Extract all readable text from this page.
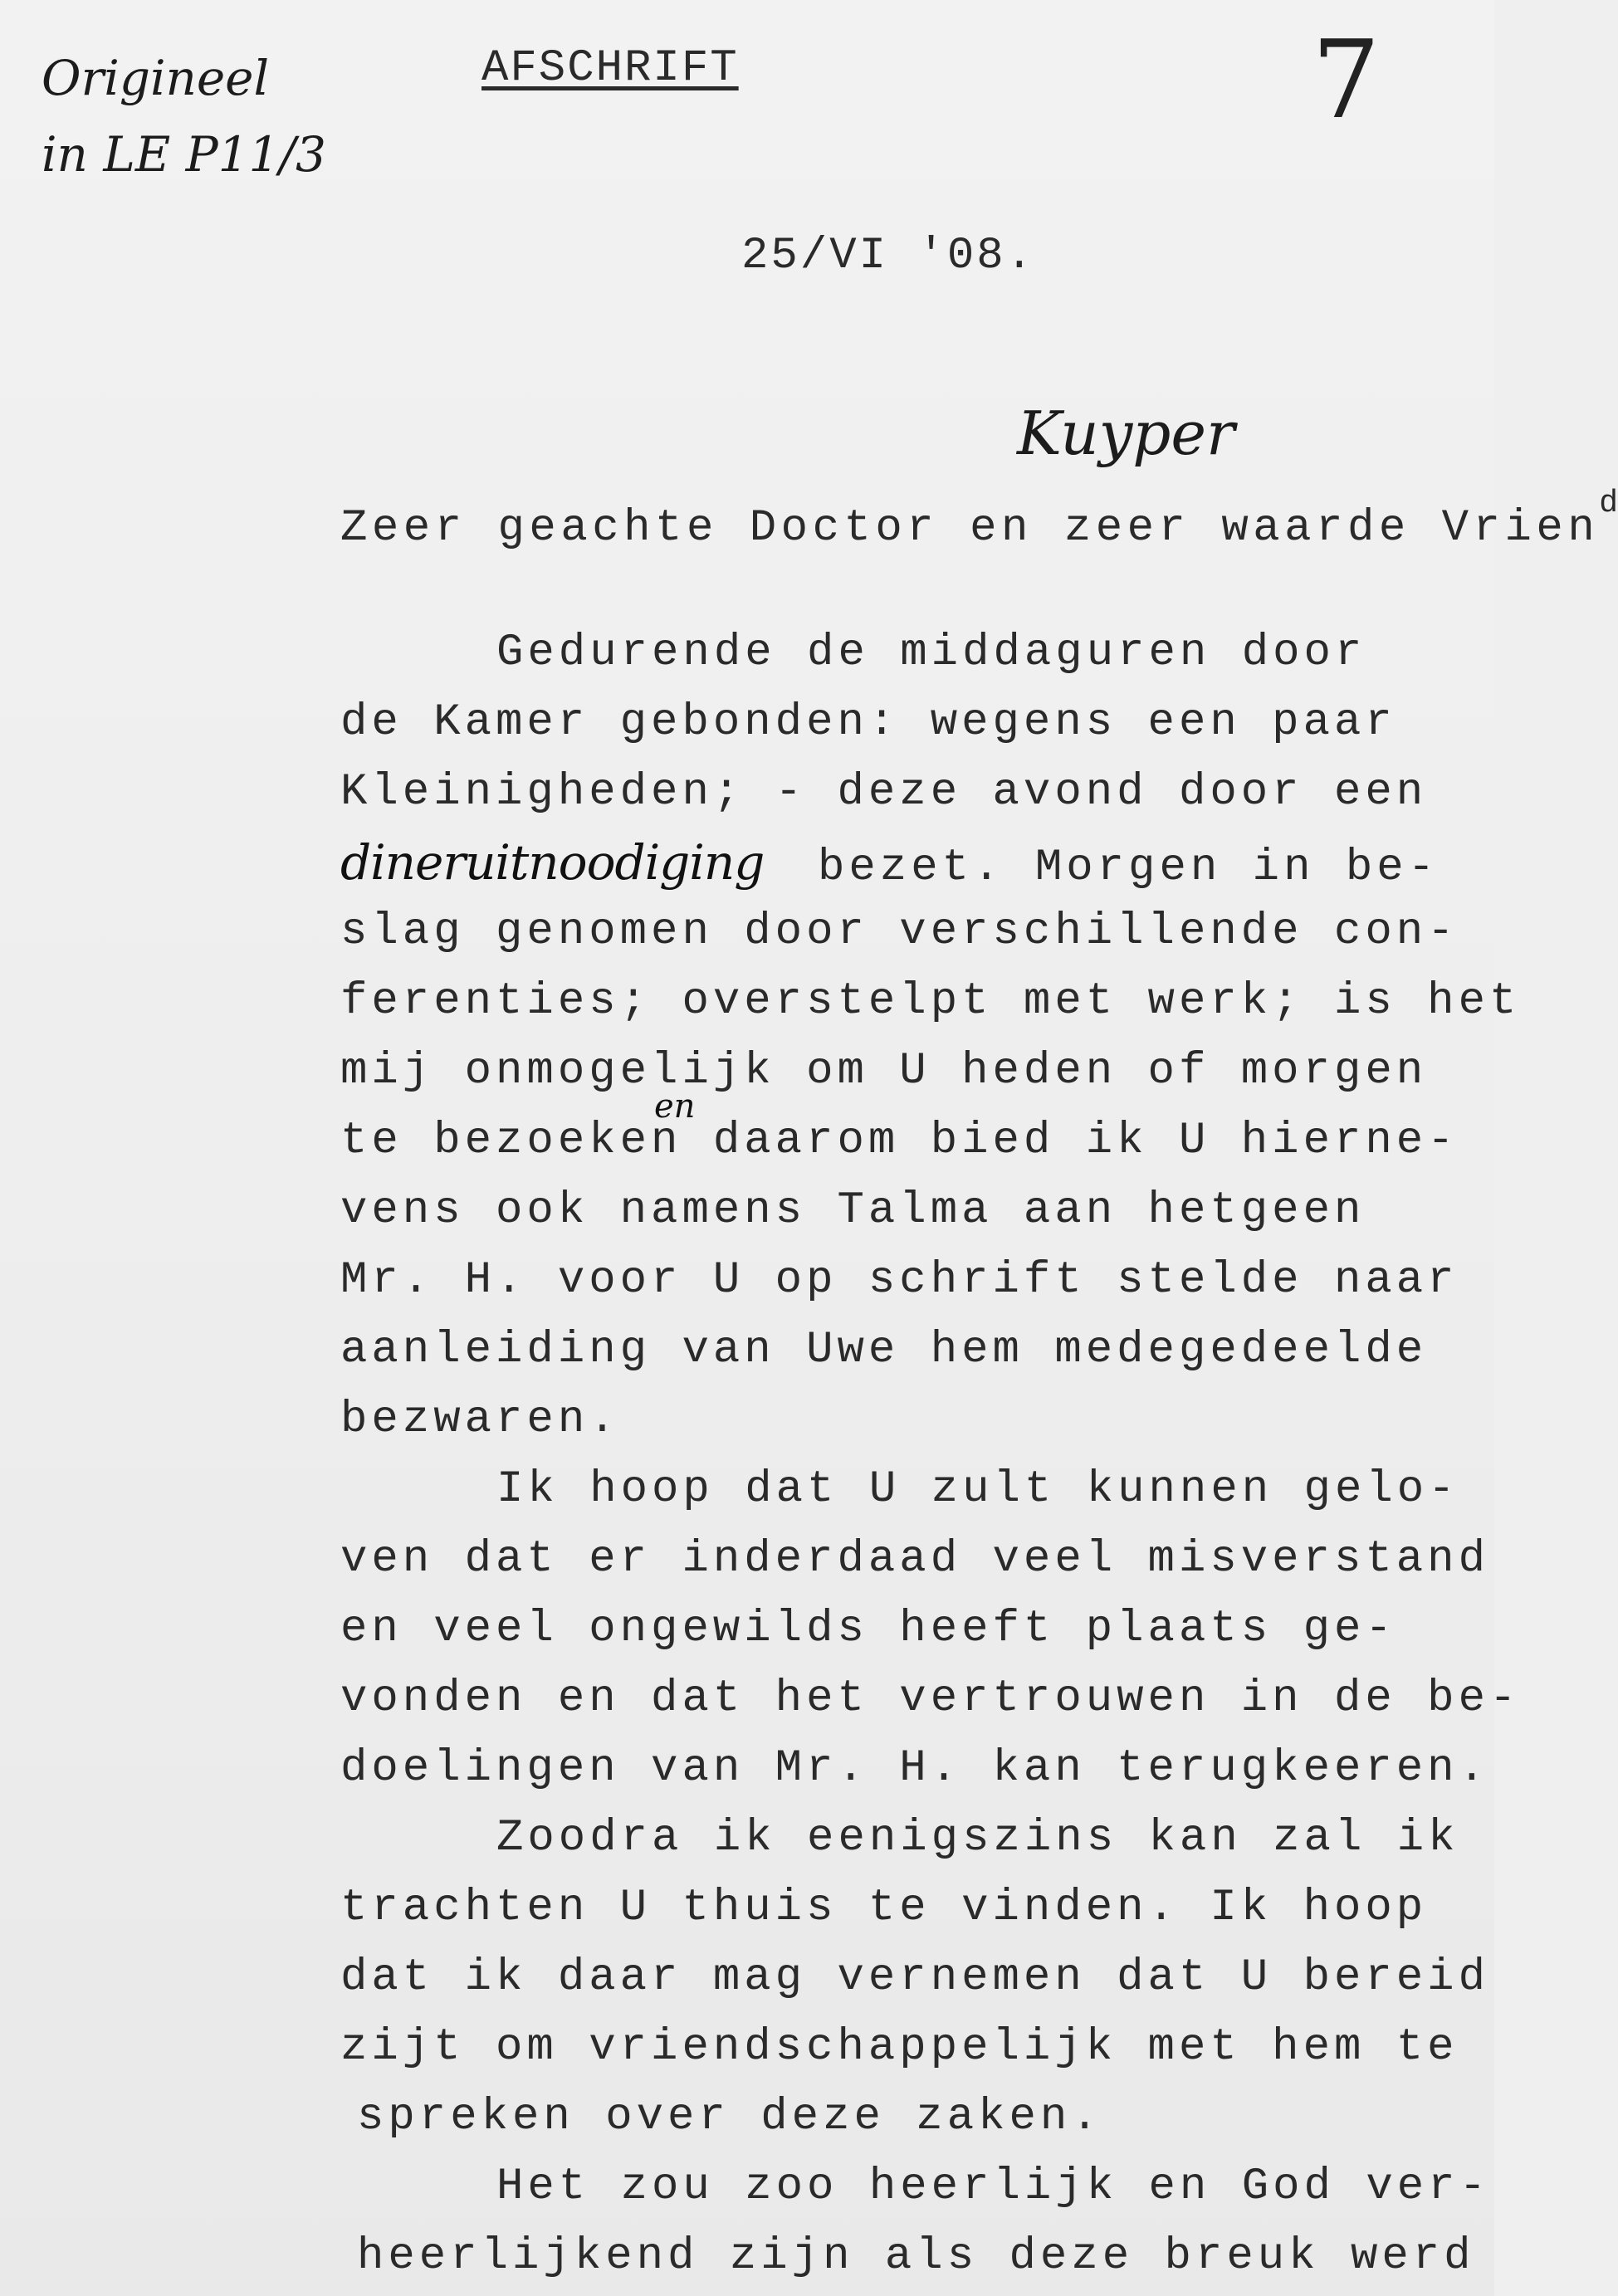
Origineel
in LE P11/3
7
AFSCHRIFT
25/VI '08.
Kuyper
Zeer geachte Doctor en zeer waarde Vrien$^d$
en
Gedurende de middaguren door
de Kamer gebonden: wegens een paar
Kleinigheden; - deze avond door een
dineruitnoodiging bezet. Morgen in be-
slag genomen door verschillende con-
ferenties; overstelpt met werk; is het
mij onmogelijk om U heden of morgen
te bezoeken daarom bied ik U hierne-
vens ook namens Talma aan hetgeen
Mr. H. voor U op schrift stelde naar
aanleiding van Uwe hem medegedeelde
bezwaren.
Ik hoop dat U zult kunnen gelo-
ven dat er inderdaad veel misverstand
en veel ongewilds heeft plaats ge-
vonden en dat het vertrouwen in de be-
doelingen van Mr. H. kan terugkeeren.
Zoodra ik eenigszins kan zal ik
trachten U thuis te vinden. Ik hoop
dat ik daar mag vernemen dat U bereid
zijt om vriendschappelijk met hem te
spreken over deze zaken.
Het zou zoo heerlijk en God ver-
heerlijkend zijn als deze breuk werd
